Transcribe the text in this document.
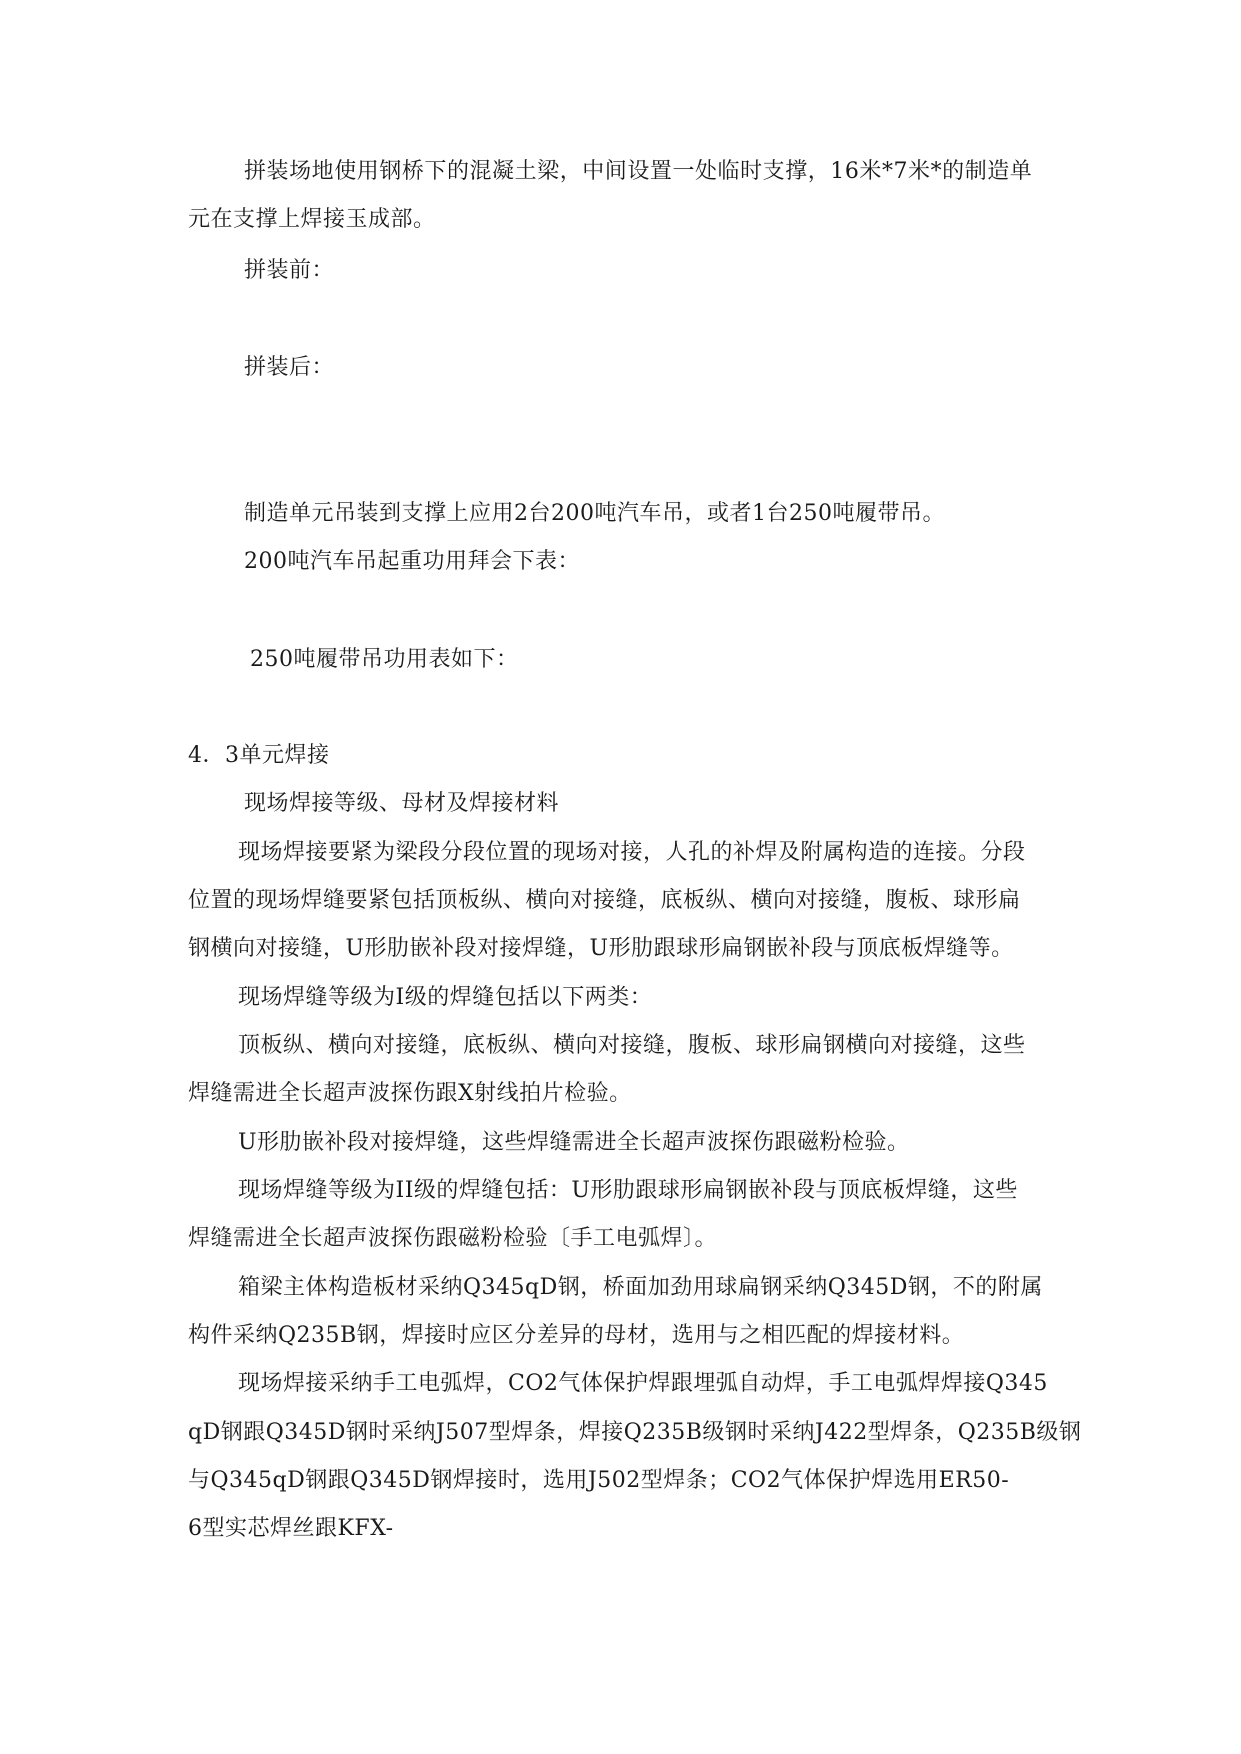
拼装场地使用钢桥下的混凝土梁，中间设置一处临时支撑，16米*7米*的制造单
元在支撑上焊接玉成部。
拼装前：
拼装后：
制造单元吊装到支撑上应用2台200吨汽车吊，或者1台250吨履带吊。
200吨汽车吊起重功用拜会下表：
250吨履带吊功用表如下：
4．3单元焊接
现场焊接等级、母材及焊接材料
现场焊接要紧为梁段分段位置的现场对接，人孔的补焊及附属构造的连接。分段
位置的现场焊缝要紧包括顶板纵、横向对接缝，底板纵、横向对接缝，腹板、球形扁
钢横向对接缝，U形肋嵌补段对接焊缝，U形肋跟球形扁钢嵌补段与顶底板焊缝等。
现场焊缝等级为I级的焊缝包括以下两类：
顶板纵、横向对接缝，底板纵、横向对接缝，腹板、球形扁钢横向对接缝，这些
焊缝需进全长超声波探伤跟X射线拍片检验。
U形肋嵌补段对接焊缝，这些焊缝需进全长超声波探伤跟磁粉检验。
现场焊缝等级为II级的焊缝包括：U形肋跟球形扁钢嵌补段与顶底板焊缝，这些
焊缝需进全长超声波探伤跟磁粉检验〔手工电弧焊〕。
箱梁主体构造板材采纳Q345qD钢，桥面加劲用球扁钢采纳Q345D钢，不的附属
构件采纳Q235B钢，焊接时应区分差异的母材，选用与之相匹配的焊接材料。
现场焊接采纳手工电弧焊，CO2气体保护焊跟埋弧自动焊，手工电弧焊焊接Q345
qD钢跟Q345D钢时采纳J507型焊条，焊接Q235B级钢时采纳J422型焊条，Q235B级钢
与Q345qD钢跟Q345D钢焊接时，选用J502型焊条；CO2气体保护焊选用ER50-
6型实芯焊丝跟KFX-
